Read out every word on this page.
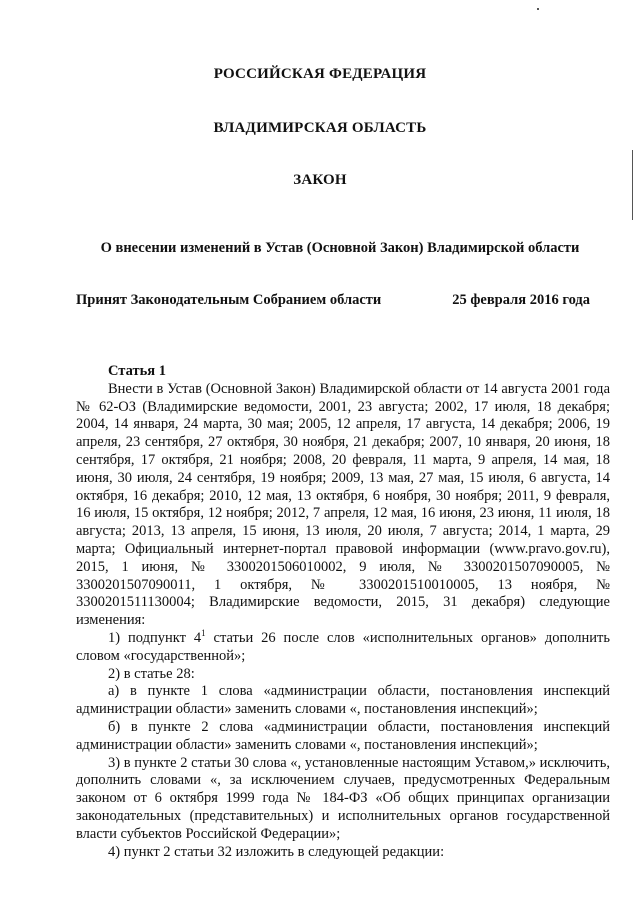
РОССИЙСКАЯ ФЕДЕРАЦИЯ
ВЛАДИМИРСКАЯ ОБЛАСТЬ
ЗАКОН
О внесении изменений в Устав (Основной Закон) Владимирской области
Принят Законодательным Собранием области	25 февраля 2016 года

Статья 1

Внести в Устав (Основной Закон) Владимирской области от 14 августа 2001 года № 62-ОЗ (Владимирские ведомости, 2001, 23 августа; 2002, 17 июля, 18 декабря; 2004, 14 января, 24 марта, 30 мая; 2005, 12 апреля, 17 августа, 14 декабря; 2006, 19 апреля, 23 сентября, 27 октября, 30 ноября, 21 декабря; 2007, 10 января, 20 июня, 18 сентября, 17 октября, 21 ноября; 2008, 20 февраля, 11 марта, 9 апреля, 14 мая, 18 июня, 30 июля, 24 сентября, 19 ноября; 2009, 13 мая, 27 мая, 15 июля, 6 августа, 14 октября, 16 декабря; 2010, 12 мая, 13 октября, 6 ноября, 30 ноября; 2011, 9 февраля, 16 июля, 15 октября, 12 ноября; 2012, 7 апреля, 12 мая, 16 июня, 23 июня, 11 июля, 18 августа; 2013, 13 апреля, 15 июня, 13 июля, 20 июля, 7 августа; 2014, 1 марта, 29 марта; Официальный интернет-портал правовой информации (www.pravo.gov.ru), 2015, 1 июня, № 3300201506010002, 9 июля, № 3300201507090005, № 3300201507090011, 1 октября, № 3300201510010005, 13 ноября, № 3300201511130004; Владимирские ведомости, 2015, 31 декабря) следующие изменения:

1) подпункт $4^1$ статьи 26 после слов «исполнительных органов» дополнить словом «государственной»;

2) в статье 28:

а) в пункте 1 слова «администрации области, постановления инспекций администрации области» заменить словами «, постановления инспекций»;

б) в пункте 2 слова «администрации области, постановления инспекций администрации области» заменить словами «, постановления инспекций»;

3) в пункте 2 статьи 30 слова «, установленные настоящим Уставом,» исключить, дополнить словами «, за исключением случаев, предусмотренных Федеральным законом от 6 октября 1999 года № 184-ФЗ «Об общих принципах организации законодательных (представительных) и исполнительных органов государственной власти субъектов Российской Федерации»;

4) пункт 2 статьи 32 изложить в следующей редакции:
